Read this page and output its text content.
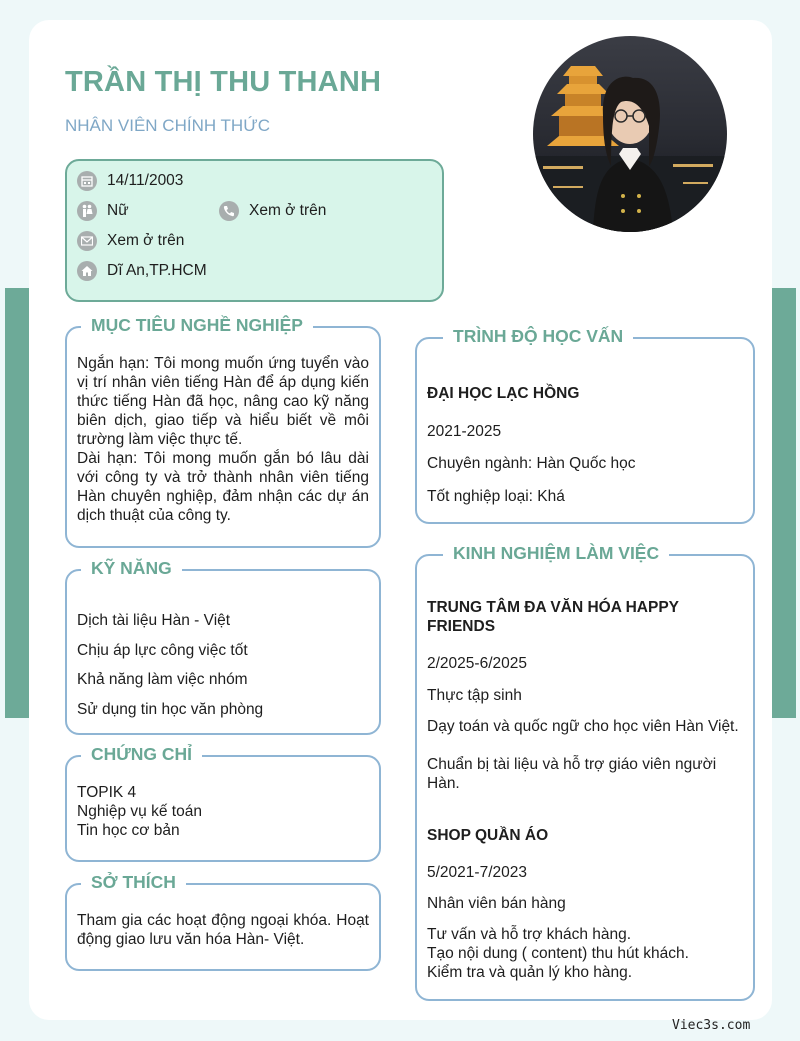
TRẦN THỊ THU THANH
NHÂN VIÊN CHÍNH THỨC
14/11/2003
Nữ	Xem ở trên
Xem ở trên
Dĩ An,TP.HCM
MỤC TIÊU NGHỀ NGHIỆP
Ngắn hạn: Tôi mong muốn ứng tuyển vào vị trí nhân viên tiếng Hàn để áp dụng kiến thức tiếng Hàn đã học, nâng cao kỹ năng biên dịch, giao tiếp và hiểu biết về môi trường làm việc thực tế.
Dài hạn: Tôi mong muốn gắn bó lâu dài với công ty và trở thành nhân viên tiếng Hàn chuyên nghiệp, đảm nhận các dự án dịch thuật của công ty.
KỸ NĂNG
Dịch tài liệu Hàn - Việt
Chịu áp lực công việc tốt
Khả năng làm việc nhóm
Sử dụng tin học văn phòng
CHỨNG CHỈ
TOPIK 4
Nghiệp vụ kế toán
Tin học cơ bản
SỞ THÍCH
Tham gia các hoạt động ngoại khóa. Hoạt động giao lưu văn hóa Hàn- Việt.
TRÌNH ĐỘ HỌC VẤN
ĐẠI HỌC LẠC HỒNG
2021-2025
Chuyên ngành: Hàn Quốc học
Tốt nghiệp loại: Khá
KINH NGHIỆM LÀM VIỆC
TRUNG TÂM ĐA VĂN HÓA HAPPY FRIENDS
2/2025-6/2025
Thực tập sinh
Dạy toán và quốc ngữ cho học viên Hàn Việt.
Chuẩn bị tài liệu và hỗ trợ giáo viên người Hàn.
SHOP QUẦN ÁO
5/2021-7/2023
Nhân viên bán hàng
Tư vấn và hỗ trợ khách hàng.
Tạo nội dung ( content) thu hút khách.
Kiểm tra và quản lý kho hàng.
Viec3s.com
